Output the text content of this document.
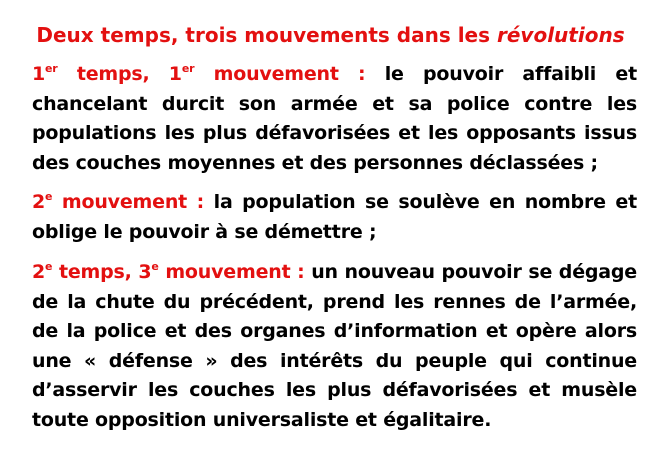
Deux temps, trois mouvements dans les révolutions
1er temps, 1er mouvement : le pouvoir affaibli et chancelant durcit son armée et sa police contre les populations les plus défavorisées et les opposants issus des couches moyennes et des personnes déclassées ;
2e mouvement : la population se soulève en nombre et oblige le pouvoir à se démettre ;
2e temps, 3e mouvement : un nouveau pouvoir se dégage de la chute du précédent, prend les rennes de l’armée, de la police et des organes d’information et opère alors une « défense » des intérêts du peuple qui continue d’asservir les couches les plus défavorisées et musèle toute opposition universaliste et égalitaire.
